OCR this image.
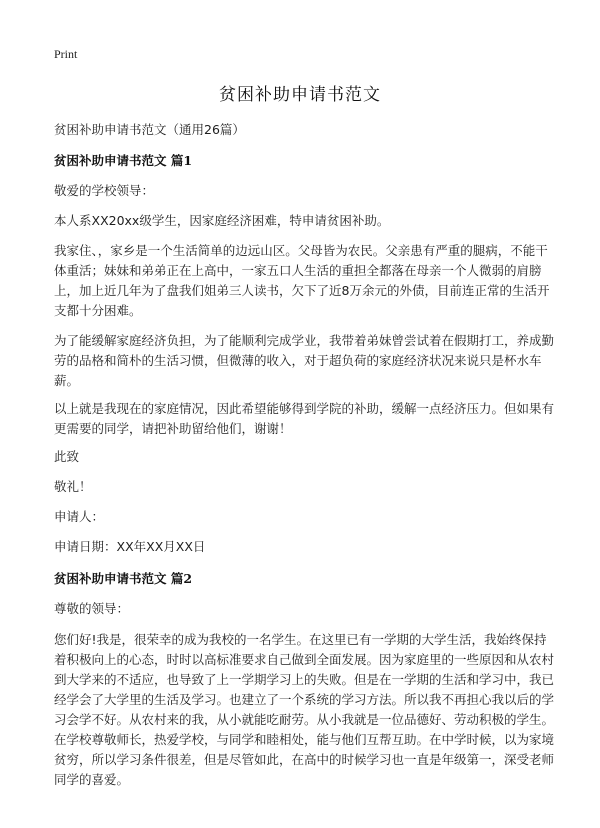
Print
贫困补助申请书范文

贫困补助申请书范文（通用26篇）

贫困补助申请书范文 篇1

敬爱的学校领导：

本人系XX20xx级学生，因家庭经济困难，特申请贫困补助。

我家住、，家乡是一个生活简单的边远山区。父母皆为农民。父亲患有严重的腿病，不能干体重活；妹妹和弟弟正在上高中，一家五口人生活的重担全都落在母亲一个人微弱的肩膀上，加上近几年为了盘我们姐弟三人读书，欠下了近8万余元的外债，目前连正常的生活开支都十分困难。

为了能缓解家庭经济负担，为了能顺利完成学业，我带着弟妹曾尝试着在假期打工，养成勤劳的品格和简朴的生活习惯，但微薄的收入，对于超负荷的家庭经济状况来说只是杯水车薪。

以上就是我现在的家庭情况，因此希望能够得到学院的补助，缓解一点经济压力。但如果有更需要的同学，请把补助留给他们，谢谢！

此致

敬礼！

申请人：

申请日期：XX年XX月XX日

贫困补助申请书范文 篇2

尊敬的领导：

您们好!我是，很荣幸的成为我校的一名学生。在这里已有一学期的大学生活，我始终保持着积极向上的心态，时时以高标准要求自己做到全面发展。因为家庭里的一些原因和从农村到大学来的不适应，也导致了上一学期学习上的失败。但是在一学期的生活和学习中，我已经学会了大学里的生活及学习。也建立了一个系统的学习方法。所以我不再担心我以后的学习会学不好。从农村来的我，从小就能吃耐劳。从小我就是一位品德好、劳动积极的学生。在学校尊敬师长，热爱学校，与同学和睦相处，能与他们互帮互助。在中学时候，以为家境贫穷，所以学习条件很差，但是尽管如此，在高中的时候学习也一直是年级第一，深受老师同学的喜爱。
